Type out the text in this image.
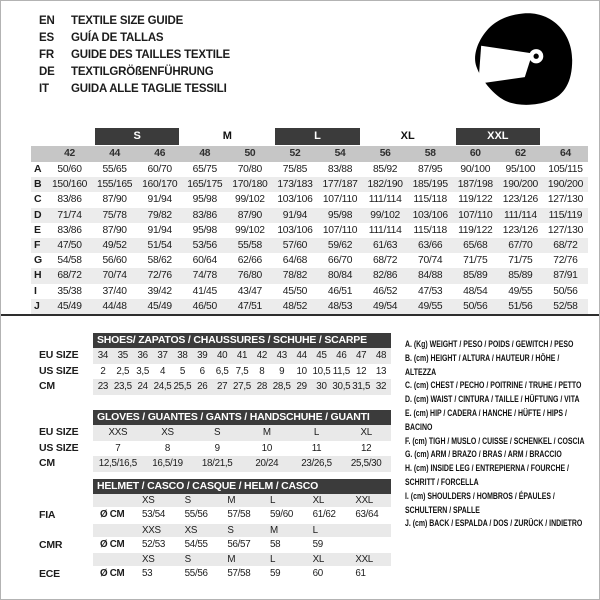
EN	TEXTILE SIZE GUIDE
ES	GUÍA DE TALLAS
FR	GUIDE DES TAILLES TEXTILE
DE	TEXTILGRÖßENFÜHRUNG
IT	GUIDA ALLE TAGLIE TESSILI
S	M	L	XL	XXL
42	44	46	48	50	52	54	56	58	60	62	64
A	50/60	55/65	60/70	65/75	70/80	75/85	83/88	85/92	87/95	90/100	95/100	105/115
B	150/160 155/165 160/170 165/175 170/180 173/183 177/187 182/190 185/195 187/198 190/200 190/200
C	83/86	87/90	91/94	95/98	99/102	103/106	107/110	111/114	115/118	119/122	123/126 127/130
D	71/74	75/78	79/82	83/86	87/90	91/94	95/98	99/102	103/106	107/110	111/114	115/119
E	83/86	87/90	91/94	95/98	99/102	103/106	107/110	111/114	115/118	119/122	123/126 127/130
F	47/50	49/52	51/54	53/56	55/58	57/60	59/62	61/63	63/66	65/68	67/70	68/72
G	54/58	56/60	58/62	60/64	62/66	64/68	66/70	68/72	70/74	71/75	71/75	72/76
H	68/72	70/74	72/76	74/78	76/80	78/82	80/84	82/86	84/88	85/89	85/89	87/91
I	35/38	37/40	39/42	41/45	43/47	45/50	46/51	46/52	47/53	48/54	49/55	50/56
J	45/49	44/48	45/49	46/50	47/51	48/52	48/53	49/54	49/55	50/56	51/56	52/58
SHOES/ ZAPATOS / CHAUSSURES / SCHUHE / SCARPE
EU SIZE	34 35 36 37 38 39 40 41 42 43 44 45 46 47 48
US SIZE	2	2,5 3,5	4	5	6	6,5 7,5	8	9	10 10,5 11,5 12 13
CM	23 23,5 24 24,5 25,5 26 27 27,5 28 28,5 29 30 30,5 31,5 32
GLOVES / GUANTES / GANTS / HANDSCHUHE / GUANTI
EU SIZE	XXS	XS	S	M	L	XL
US SIZE	7	8	9	10	11	12
CM	12,5/16,5	16,5/19	18/21,5	20/24	23/26,5	25,5/30
HELMET / CASCO / CASQUE / HELM / CASCO
XS	S	M	L	XL	XXL
FIA	Ø CM	53/54	55/56	57/58	59/60	61/62	63/64
XXS	XS	S	M	L
CMR	Ø CM	52/53	54/55	56/57	58	59
XS	S	M	L	XL	XXL
ECE	Ø CM	53	55/56	57/58	59	60	61
A. (Kg) WEIGHT / PESO / POIDS / GEWITCH / PESO
B. (cm) HEIGHT / ALTURA / HAUTEUR / HÖHE / ALTEZZA
C. (cm) CHEST / PECHO / POITRINE / TRUHE / PETTO
D. (cm) WAIST / CINTURA / TAILLE / HÜFTUNG / VITA
E. (cm) HIP / CADERA / HANCHE / HÜFTE / HIPS / BACINO
F. (cm) TIGH / MUSLO / CUISSE / SCHENKEL / COSCIA
G. (cm) ARM / BRAZO / BRAS / ARM / BRACCIO
H. (cm) INSIDE LEG / ENTREPIERNA / FOURCHE / SCHRITT / FORCELLA
I. (cm) SHOULDERS / HOMBROS / ÉPAULES / SCHULTERN / SPALLE
J. (cm) BACK / ESPALDA / DOS / ZURÜCK / INDIETRO
